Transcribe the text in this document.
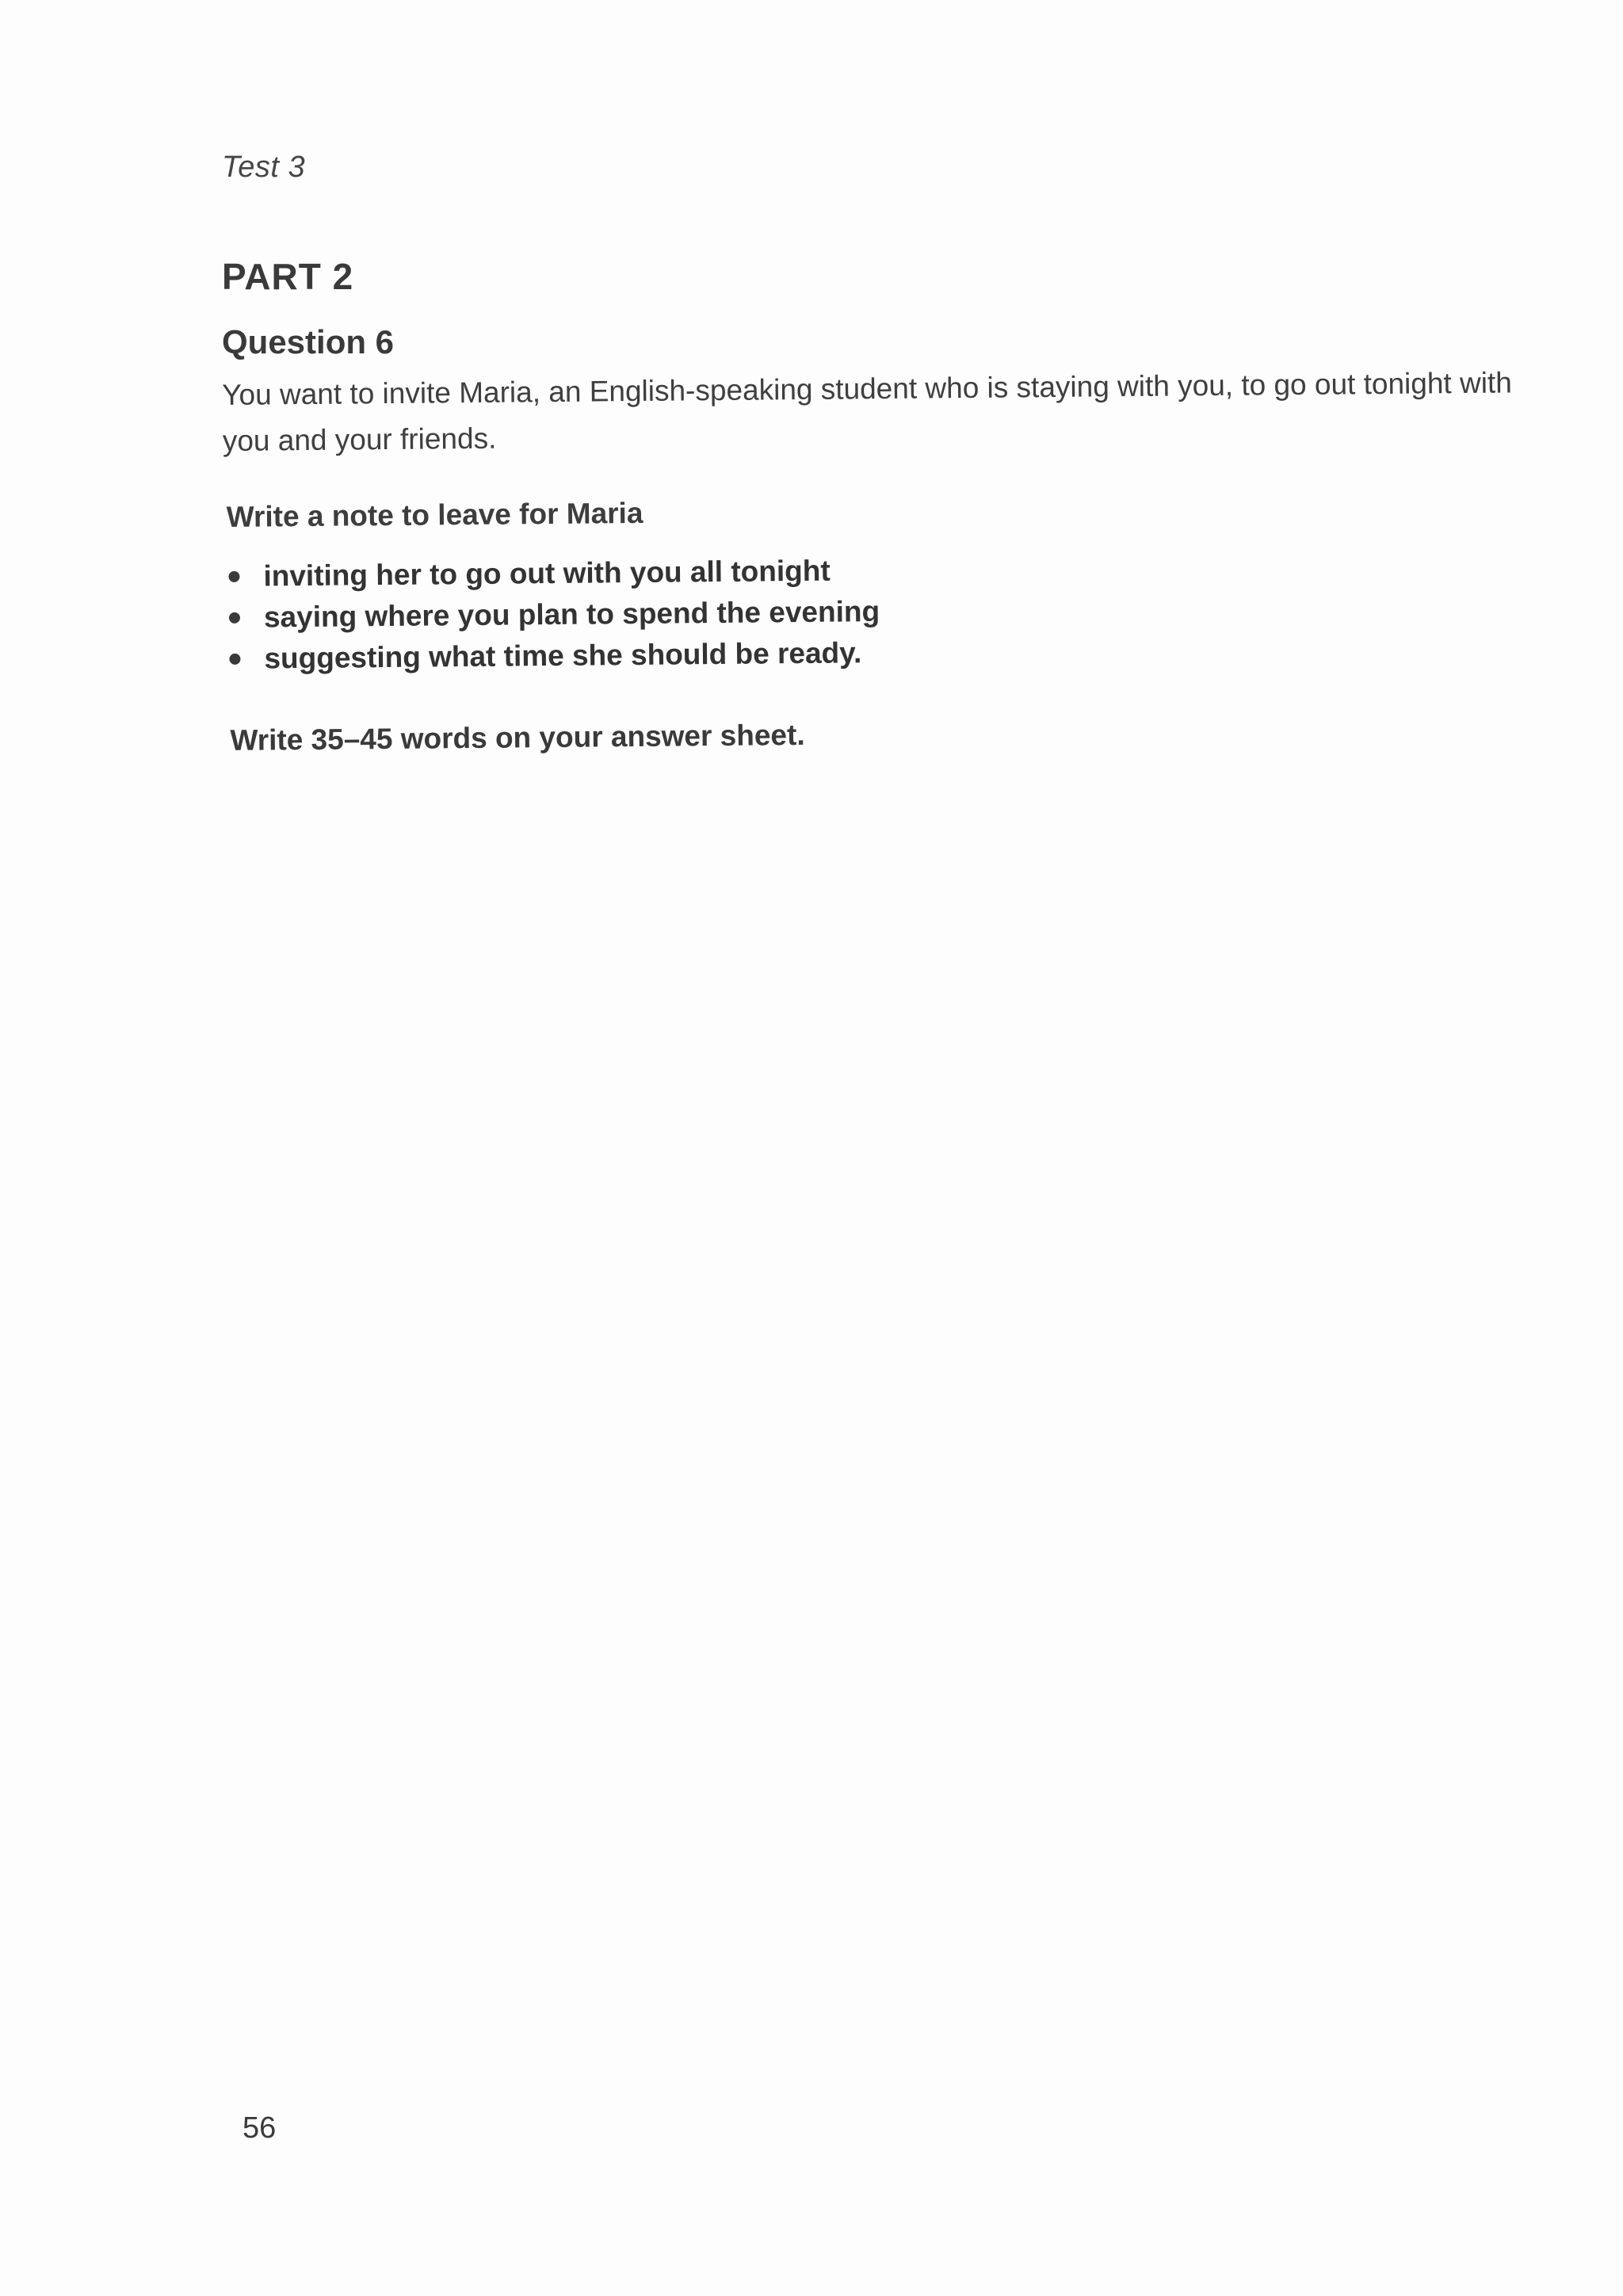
Test 3
PART 2
Question 6

You want to invite Maria, an English-speaking student who is staying with you, to go out tonight with you and your friends.

Write a note to leave for Maria
inviting her to go out with you all tonight
saying where you plan to spend the evening
suggesting what time she should be ready.
Write 35–45 words on your answer sheet.
56
